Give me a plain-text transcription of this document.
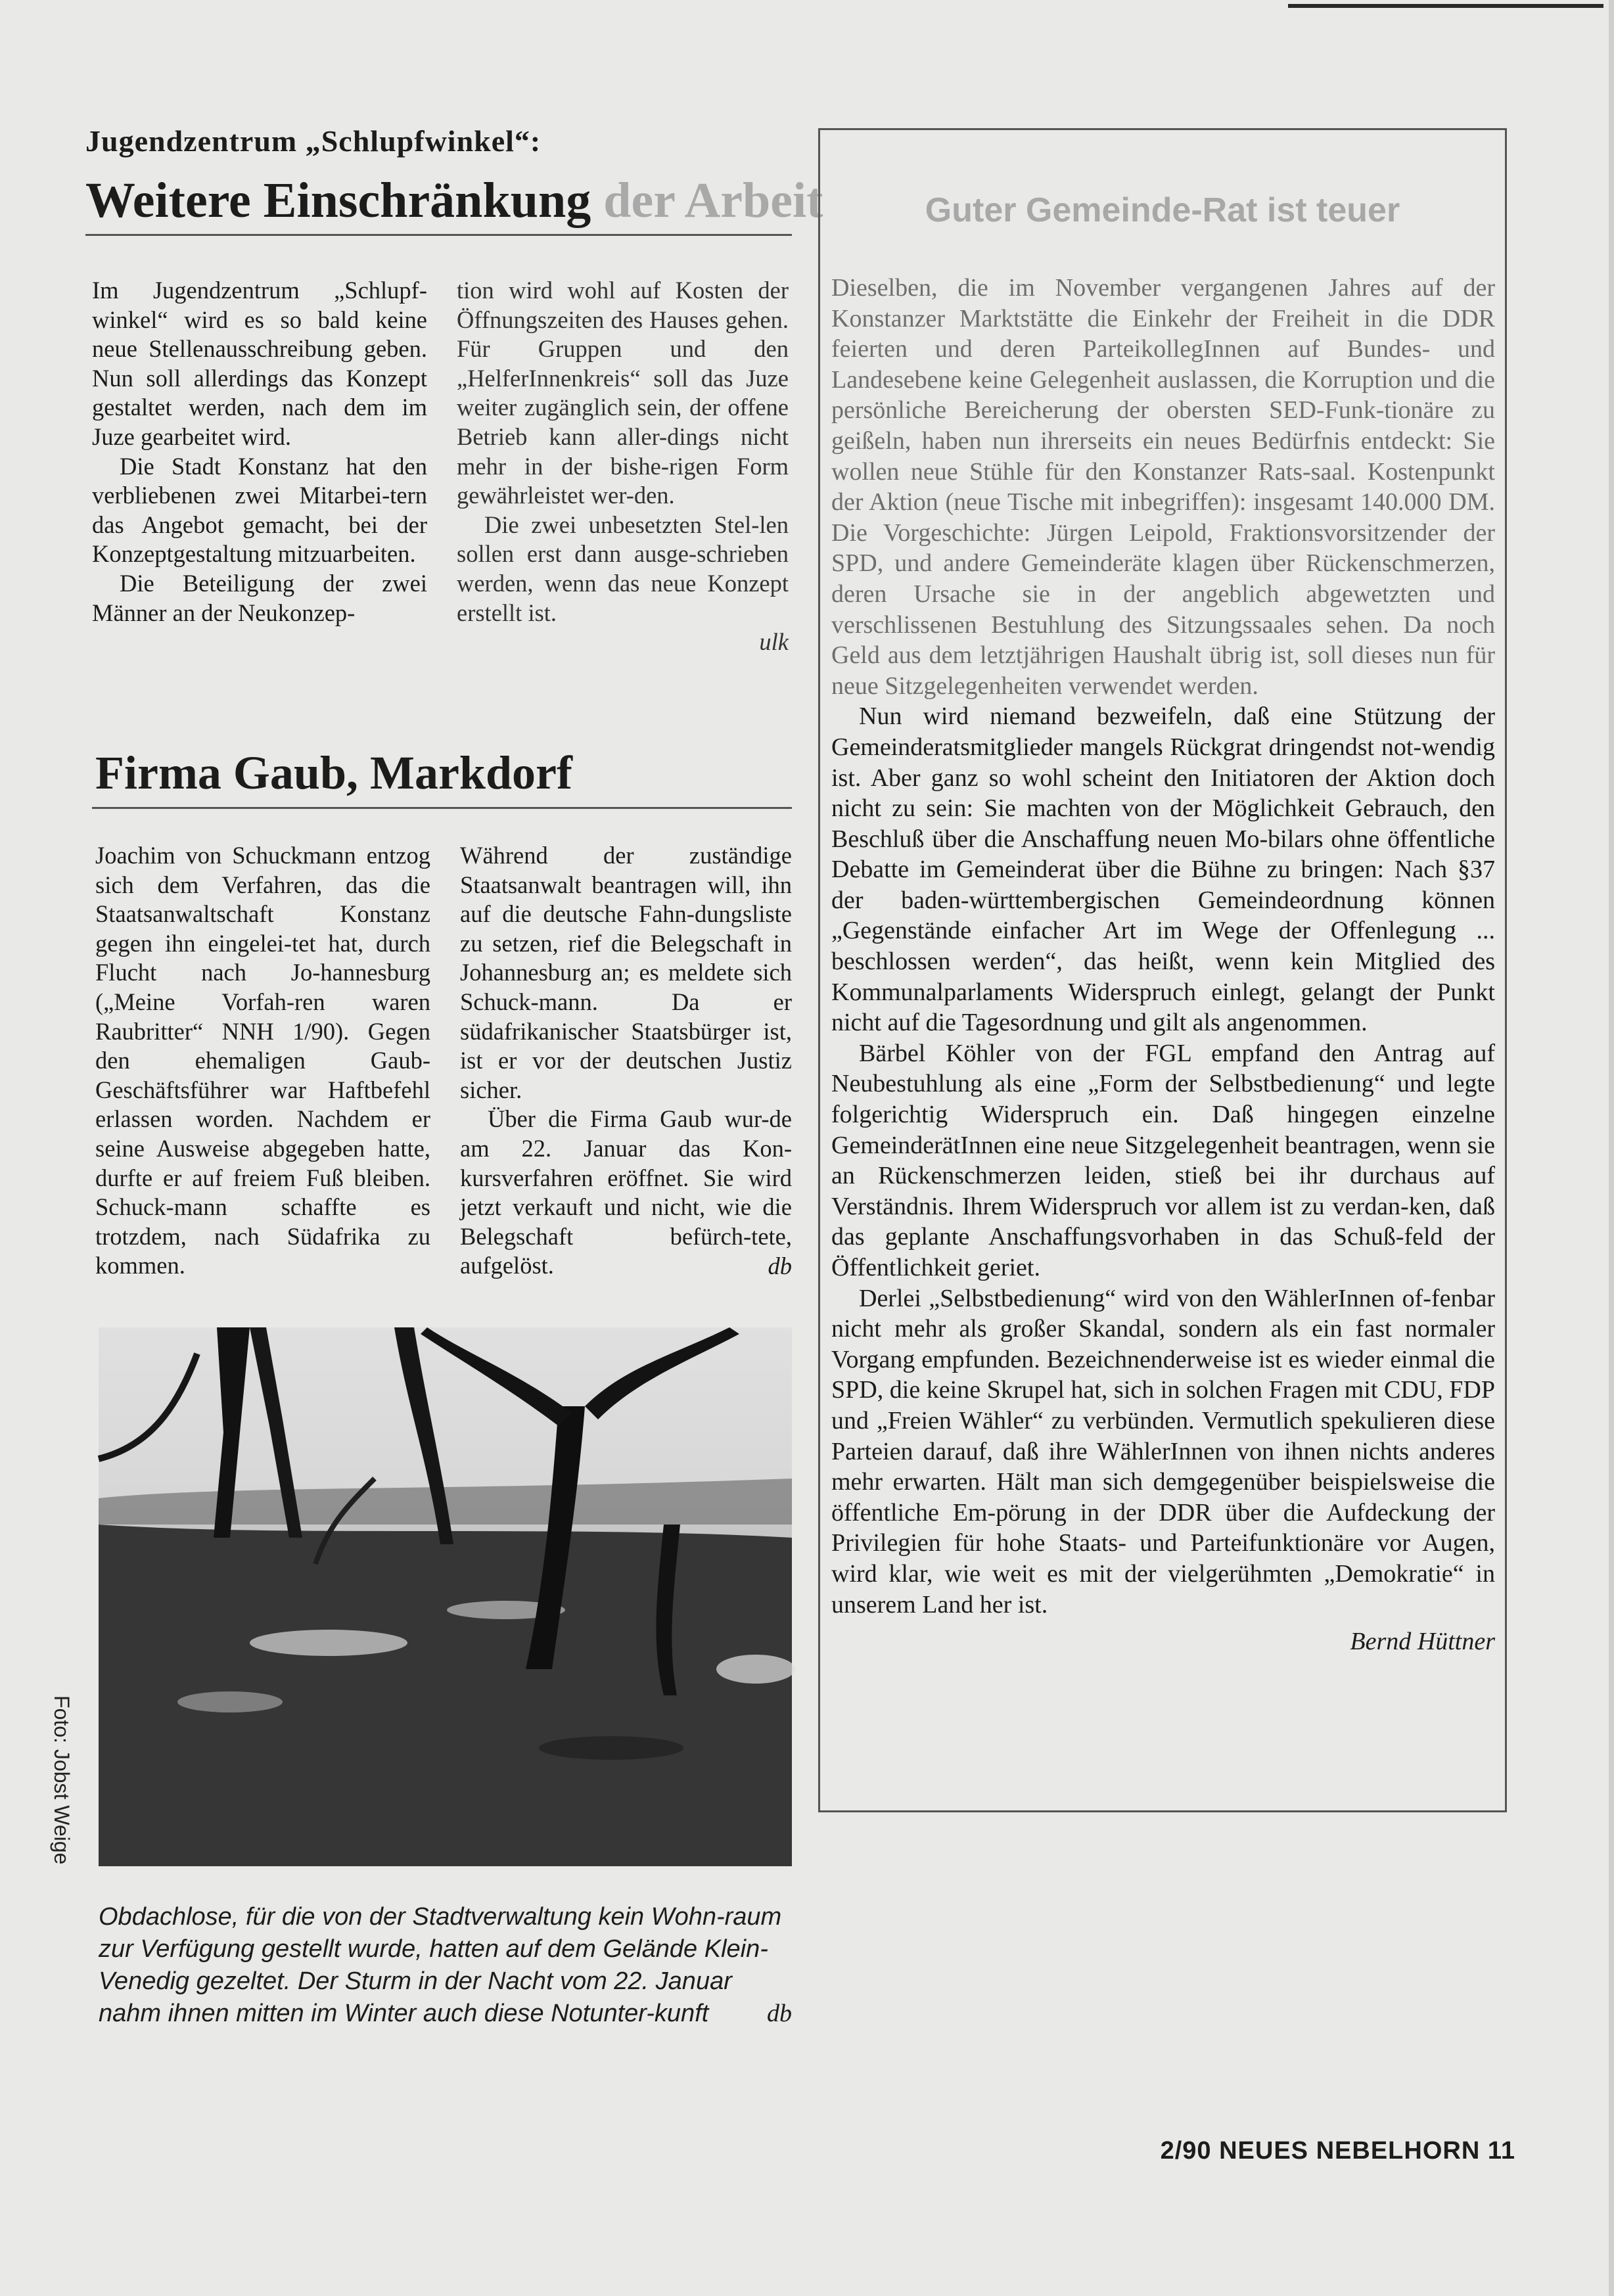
Jugendzentrum „Schlupfwinkel“:
Weitere Einschränkung der Arbeit

Im Jugendzentrum „Schlupf-winkel“ wird es so bald keine neue Stellenausschreibung geben. Nun soll allerdings das Konzept gestaltet werden, nach dem im Juze gearbeitet wird.

Die Stadt Konstanz hat den verbliebenen zwei Mitarbei-tern das Angebot gemacht, bei der Konzeptgestaltung mitzuarbeiten.

Die Beteiligung der zwei Männer an der Neukonzep-

tion wird wohl auf Kosten der Öffnungszeiten des Hauses gehen. Für Gruppen und den „HelferInnenkreis“ soll das Juze weiter zugänglich sein, der offene Betrieb kann aller-dings nicht mehr in der bishe-rigen Form gewährleistet wer-den.

Die zwei unbesetzten Stel-len sollen erst dann ausge-schrieben werden, wenn das neue Konzept erstellt ist.

ulk

Firma Gaub, Markdorf

Joachim von Schuckmann entzog sich dem Verfahren, das die Staatsanwaltschaft Konstanz gegen ihn eingelei-tet hat, durch Flucht nach Jo-hannesburg („Meine Vorfah-ren waren Raubritter“ NNH 1/90). Gegen den ehemaligen Gaub-Geschäftsführer war Haftbefehl erlassen worden. Nachdem er seine Ausweise abgegeben hatte, durfte er auf freiem Fuß bleiben. Schuck-mann schaffte es trotzdem, nach Südafrika zu kommen.

Während der zuständige Staatsanwalt beantragen will, ihn auf die deutsche Fahn-dungsliste zu setzen, rief die Belegschaft in Johannesburg an; es meldete sich Schuck-mann. Da er südafrikanischer Staatsbürger ist, ist er vor der deutschen Justiz sicher.

Über die Firma Gaub wur-de am 22. Januar das Kon-kursverfahren eröffnet. Sie wird jetzt verkauft und nicht, wie die Belegschaft befürch-tete, aufgelöst.	db

Foto: Jobst Weige
Obdachlose, für die von der Stadtverwaltung kein Wohn-raum zur Verfügung gestellt wurde, hatten auf dem Gelände Klein-Venedig gezeltet. Der Sturm in der Nacht vom 22. Januar nahm ihnen mitten im Winter auch diese Notunter-kunft db
Guter Gemeinde-Rat ist teuer

Dieselben, die im November vergangenen Jahres auf der Konstanzer Marktstätte die Einkehr der Freiheit in die DDR feierten und deren ParteikollegInnen auf Bundes- und Landesebene keine Gelegenheit auslassen, die Korruption und die persönliche Bereicherung der obersten SED-Funk-tionäre zu geißeln, haben nun ihrerseits ein neues Bedürfnis entdeckt: Sie wollen neue Stühle für den Konstanzer Rats-saal. Kostenpunkt der Aktion (neue Tische mit inbegriffen): insgesamt 140.000 DM. Die Vorgeschichte: Jürgen Leipold, Fraktionsvorsitzender der SPD, und andere Gemeinderäte klagen über Rückenschmerzen, deren Ursache sie in der angeblich abgewetzten und verschlissenen Bestuhlung des Sitzungssaales sehen. Da noch Geld aus dem letztjährigen Haushalt übrig ist, soll dieses nun für neue Sitzgelegenheiten verwendet werden.

Nun wird niemand bezweifeln, daß eine Stützung der Gemeinderatsmitglieder mangels Rückgrat dringendst not-wendig ist. Aber ganz so wohl scheint den Initiatoren der Aktion doch nicht zu sein: Sie machten von der Möglichkeit Gebrauch, den Beschluß über die Anschaffung neuen Mo-bilars ohne öffentliche Debatte im Gemeinderat über die Bühne zu bringen: Nach §37 der baden-württembergischen Gemeindeordnung können „Gegenstände einfacher Art im Wege der Offenlegung ... beschlossen werden“, das heißt, wenn kein Mitglied des Kommunalparlaments Widerspruch einlegt, gelangt der Punkt nicht auf die Tagesordnung und gilt als angenommen.

Bärbel Köhler von der FGL empfand den Antrag auf Neubestuhlung als eine „Form der Selbstbedienung“ und legte folgerichtig Widerspruch ein. Daß hingegen einzelne GemeinderätInnen eine neue Sitzgelegenheit beantragen, wenn sie an Rückenschmerzen leiden, stieß bei ihr durchaus auf Verständnis. Ihrem Widerspruch vor allem ist zu verdan-ken, daß das geplante Anschaffungsvorhaben in das Schuß-feld der Öffentlichkeit geriet.

Derlei „Selbstbedienung“ wird von den WählerInnen of-fenbar nicht mehr als großer Skandal, sondern als ein fast normaler Vorgang empfunden. Bezeichnenderweise ist es wieder einmal die SPD, die keine Skrupel hat, sich in solchen Fragen mit CDU, FDP und „Freien Wähler“ zu verbünden. Vermutlich spekulieren diese Parteien darauf, daß ihre WählerInnen von ihnen nichts anderes mehr erwarten. Hält man sich demgegenüber beispielsweise die öffentliche Em-pörung in der DDR über die Aufdeckung der Privilegien für hohe Staats- und Parteifunktionäre vor Augen, wird klar, wie weit es mit der vielgerühmten „Demokratie“ in unserem Land her ist.

Bernd Hüttner

2/90 NEUES NEBELHORN 11
